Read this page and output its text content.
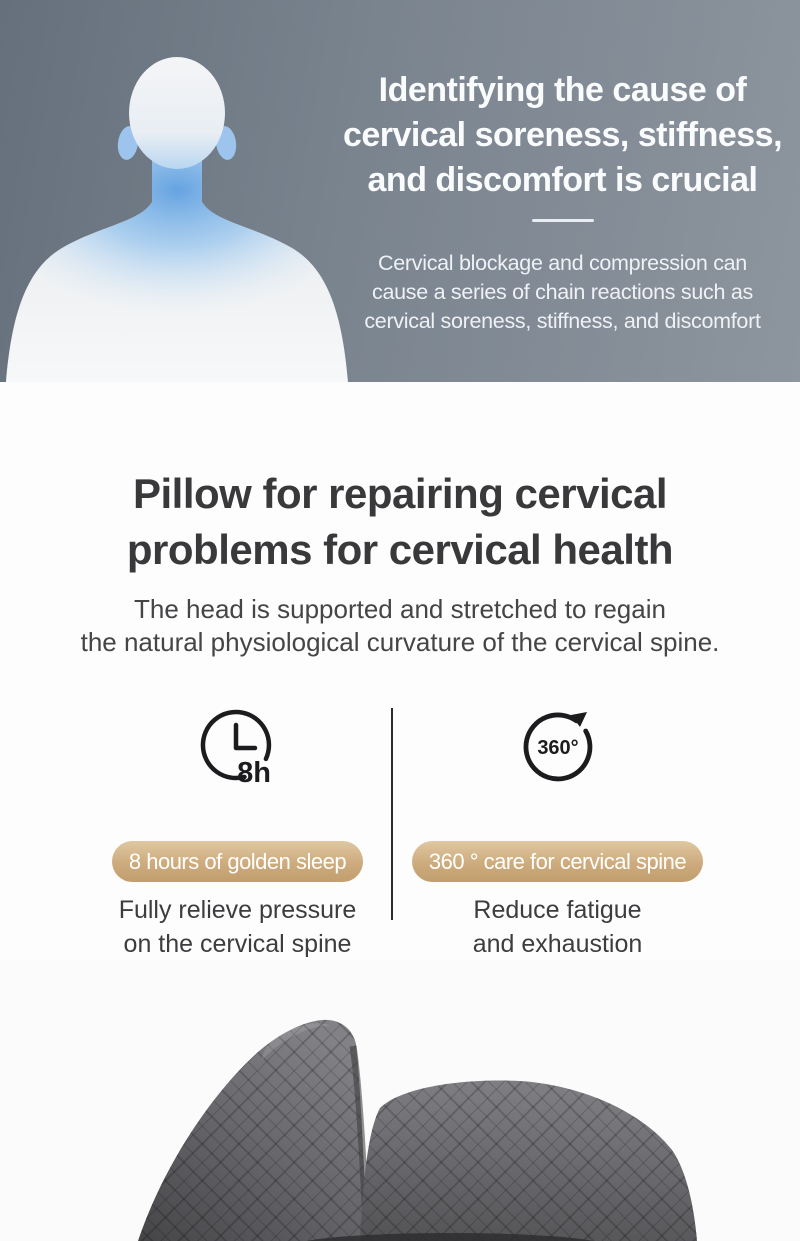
Identifying the cause of
cervical soreness, stiffness,
and discomfort is crucial

Cervical blockage and compression can
cause a series of chain reactions such as
cervical soreness, stiffness, and discomfort

Pillow for repairing cervical
problems for cervical health

The head is supported and stretched to regain
the natural physiological curvature of the cervical spine.

8h
8 hours of golden sleep

Fully relieve pressure
on the cervical spine

360°
360 ° care for cervical spine

Reduce fatigue
and exhaustion
